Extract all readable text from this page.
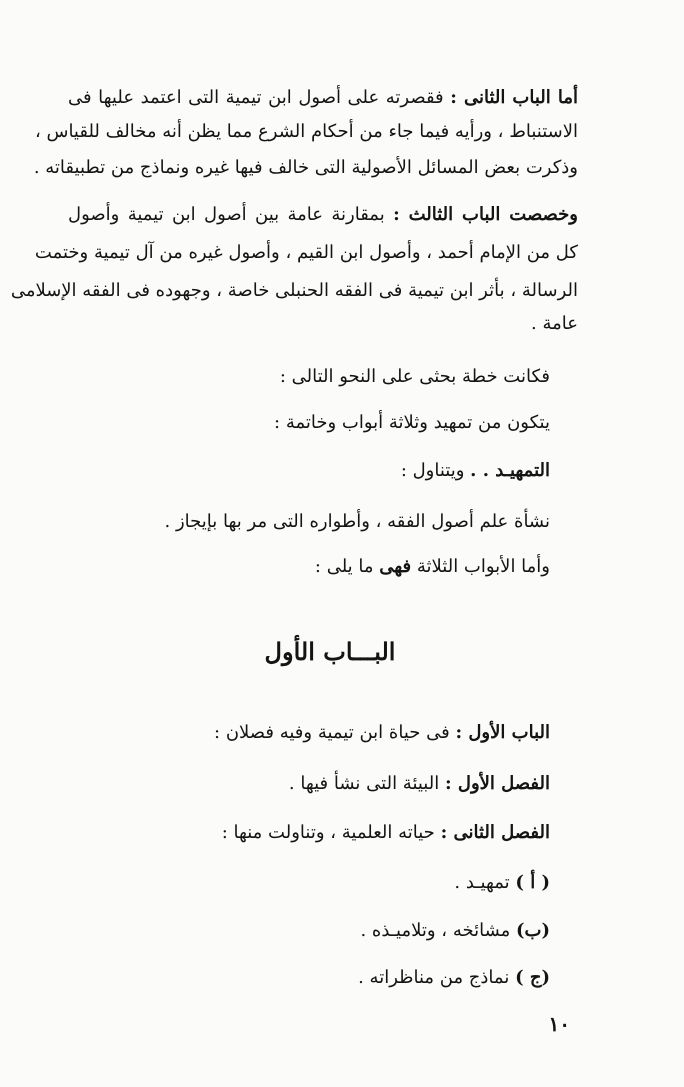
أما الباب الثانى : فقصرته على أصول ابن تيمية التى اعتمد عليها فى
الاستنباط ، ورأيه فيما جاء من أحكام الشرع مما يظن أنه مخالف للقياس ،
وذكرت بعض المسائل الأصولية التى خالف فيها غيره ونماذج من تطبيقاته .
وخصصت الباب الثالث : بمقارنة عامة بين أصول ابن تيمية وأصول
كل من الإمام أحمد ، وأصول ابن القيم ، وأصول غيره من آل تيمية وختمت
الرسالة ، بأثر ابن تيمية فى الفقه الحنبلى خاصة ، وجهوده فى الفقه الإسلامى
عامة .
فكانت خطة بحثى على النحو التالى :
يتكون من تمهيد وثلاثة أبواب وخاتمة :
التمهيـد . . ويتناول :
نشأة علم أصول الفقه ، وأطواره التى مر بها بإيجاز .
وأما الأبواب الثلاثة فهى ما يلى :
البـــاب الأول
الباب الأول : فى حياة ابن تيمية وفيه فصلان :
الفصل الأول : البيئة التى نشأ فيها .
الفصل الثانى : حياته العلمية ، وتناولت منها :
( أ ) تمهيـد .
(ب) مشائخه ، وتلاميـذه .
(ج ) نماذج من مناظراته .
١٠
